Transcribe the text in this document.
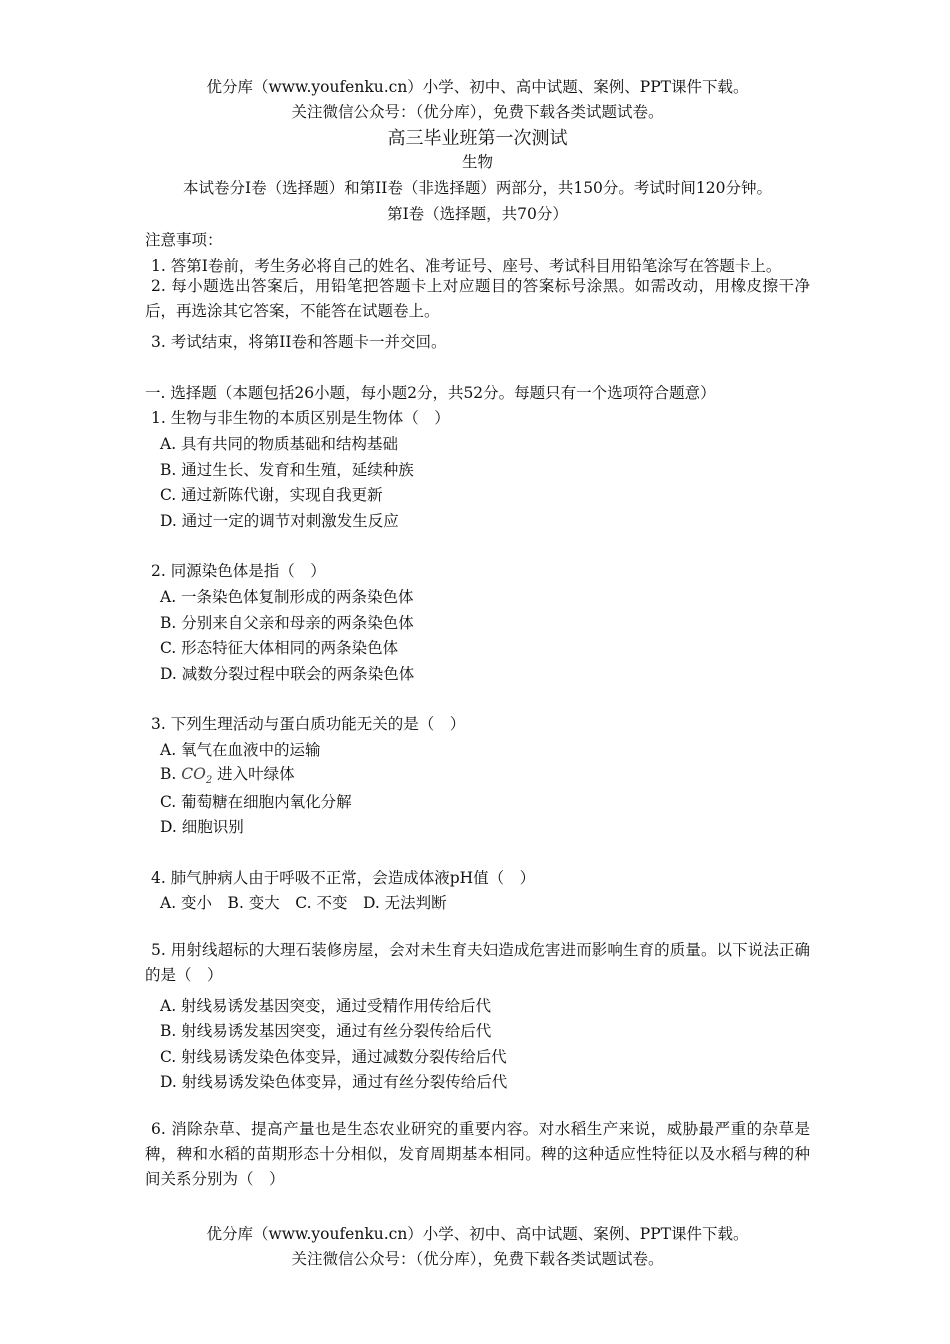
优分库（www.youfenku.cn）小学、初中、高中试题、案例、PPT课件下载。
关注微信公众号：（优分库），免费下载各类试题试卷。
高三毕业班第一次测试
生物
本试卷分I卷（选择题）和第II卷（非选择题）两部分，共150分。考试时间120分钟。
第I卷（选择题，共70分）
注意事项：
1. 答第I卷前，考生务必将自己的姓名、准考证号、座号、考试科目用铅笔涂写在答题卡上。
2. 每小题选出答案后，用铅笔把答题卡上对应题目的答案标号涂黑。如需改动，用橡皮擦干净后，再选涂其它答案，不能答在试题卷上。
3. 考试结束，将第II卷和答题卡一并交回。
一. 选择题（本题包括26小题，每小题2分，共52分。每题只有一个选项符合题意）
1. 生物与非生物的本质区别是生物体（　）
A. 具有共同的物质基础和结构基础
B. 通过生长、发育和生殖，延续种族
C. 通过新陈代谢，实现自我更新
D. 通过一定的调节对刺激发生反应
2. 同源染色体是指（　）
A. 一条染色体复制形成的两条染色体
B. 分别来自父亲和母亲的两条染色体
C. 形态特征大体相同的两条染色体
D. 减数分裂过程中联会的两条染色体
3. 下列生理活动与蛋白质功能无关的是（　）
A. 氧气在血液中的运输
B. $CO_2$ 进入叶绿体
C. 葡萄糖在细胞内氧化分解
D. 细胞识别
4. 肺气肿病人由于呼吸不正常，会造成体液pH值（　）
A. 变小　B. 变大　C. 不变　D. 无法判断
5. 用射线超标的大理石装修房屋，会对未生育夫妇造成危害进而影响生育的质量。以下说法正确的是（　）
A. 射线易诱发基因突变，通过受精作用传给后代
B. 射线易诱发基因突变，通过有丝分裂传给后代
C. 射线易诱发染色体变异，通过减数分裂传给后代
D. 射线易诱发染色体变异，通过有丝分裂传给后代
6. 消除杂草、提高产量也是生态农业研究的重要内容。对水稻生产来说，威胁最严重的杂草是稗，稗和水稻的苗期形态十分相似，发育周期基本相同。稗的这种适应性特征以及水稻与稗的种间关系分别为（　）
优分库（www.youfenku.cn）小学、初中、高中试题、案例、PPT课件下载。
关注微信公众号：（优分库），免费下载各类试题试卷。
